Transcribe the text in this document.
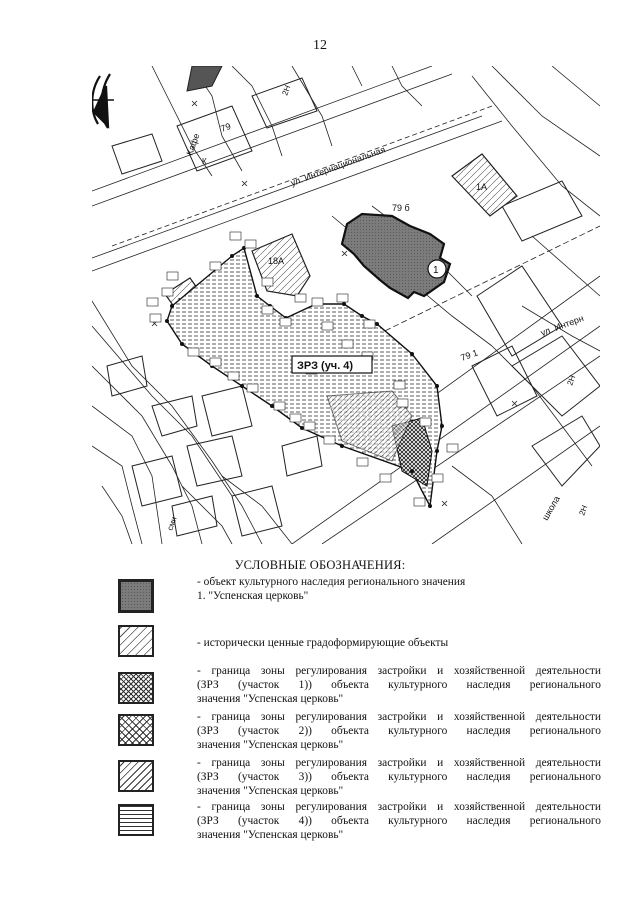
12
1А
18А
1
ЗРЗ (уч. 4)
ул. Интернациональная
ул. Интерн
Кафе
К
школа
2Н
2Н
2Н
79 б
79 1
79
сми
УСЛОВНЫЕ ОБОЗНАЧЕНИЯ:
- объект культурного наследия регионального значения
1. "Успенская церковь"
- исторически ценные градоформирующие объекты
- граница зоны регулирования застройки и хозяйственной деятельности
(ЗРЗ (участок 1)) объекта культурного наследия регионального
значения "Успенская церковь"
- граница зоны регулирования застройки и хозяйственной деятельности
(ЗРЗ (участок 2)) объекта культурного наследия регионального
значения "Успенская церковь"
- граница зоны регулирования застройки и хозяйственной деятельности
(ЗРЗ (участок 3)) объекта культурного наследия регионального
значения "Успенская церковь"
- граница зоны регулирования застройки и хозяйственной деятельности
(ЗРЗ (участок 4)) объекта культурного наследия регионального
значения "Успенская церковь"
